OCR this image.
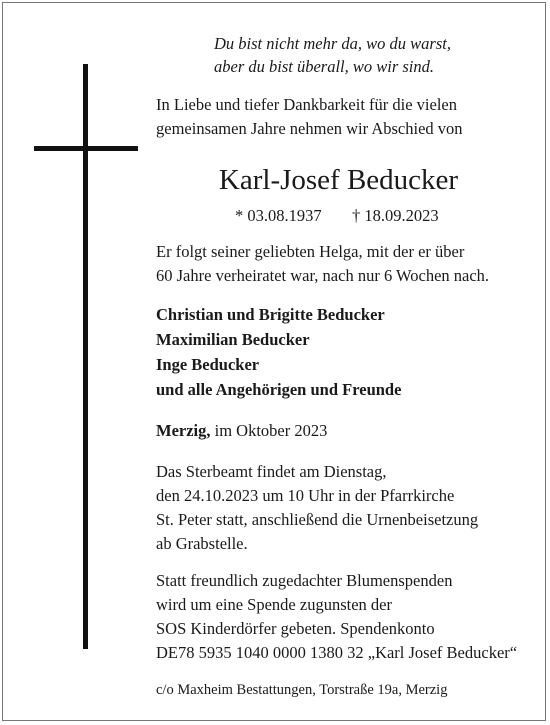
Du bist nicht mehr da, wo du warst,
aber du bist überall, wo wir sind.
In Liebe und tiefer Dankbarkeit für die vielen
gemeinsamen Jahre nehmen wir Abschied von
Karl-Josef Beducker
* 03.08.1937 † 18.09.2023
Er folgt seiner geliebten Helga, mit der er über
60 Jahre verheiratet war, nach nur 6 Wochen nach.
Christian und Brigitte Beducker
Maximilian Beducker
Inge Beducker
und alle Angehörigen und Freunde
Merzig, im Oktober 2023
Das Sterbeamt findet am Dienstag,
den 24.10.2023 um 10 Uhr in der Pfarrkirche
St. Peter statt, anschließend die Urnenbeisetzung
ab Grabstelle.
Statt freundlich zugedachter Blumenspenden
wird um eine Spende zugunsten der
SOS Kinderdörfer gebeten. Spendenkonto
DE78 5935 1040 0000 1380 32 „Karl Josef Beducker“
c/o Maxheim Bestattungen, Torstraße 19a, Merzig
